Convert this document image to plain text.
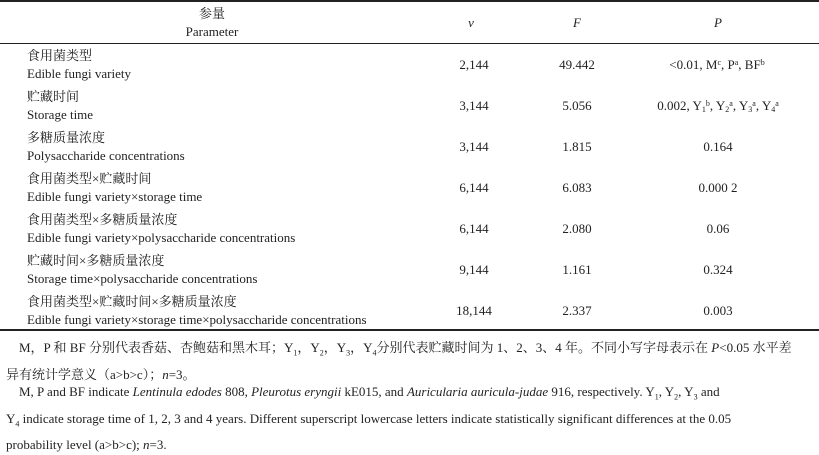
参量
Parameter
ν	F	P
食用菌类型
Edible fungi variety
2,144	49.442	<0.01, $M^c$, $P^a$, $BF^b$
贮藏时间
Storage time
3,144	5.056	0.002, $Y_1^b$, $Y_2^a$, $Y_3^a$, $Y_4^a$
多糖质量浓度
Polysaccharide concentrations
3,144	1.815	0.164
食用菌类型×贮藏时间
Edible fungi variety×storage time
6,144	6.083	0.000 2
食用菌类型×多糖质量浓度
Edible fungi variety×polysaccharide concentrations
6,144	2.080	0.06
贮藏时间×多糖质量浓度
Storage time×polysaccharide concentrations
9,144	1.161	0.324
食用菌类型×贮藏时间×多糖质量浓度
Edible fungi variety×storage time×polysaccharide concentrations
18,144	2.337	0.003
M，P 和 BF 分别代表香菇、杏鲍菇和黑木耳；$Y_1$，$Y_2$，$Y_3$，$Y_4$分别代表贮藏时间为 1、2、3、4 年。不同小写字母表示在 P<0.05 水平差
异有统计学意义（a>b>c）；n=3。
M, P and BF indicate Lentinula edodes 808, Pleurotus eryngii kE015, and Auricularia auricula-judae 916, respectively. $Y_1$, $Y_2$, $Y_3$ and
$Y_4$ indicate storage time of 1, 2, 3 and 4 years. Different superscript lowercase letters indicate statistically significant differences at the 0.05
probability level (a>b>c); n=3.
